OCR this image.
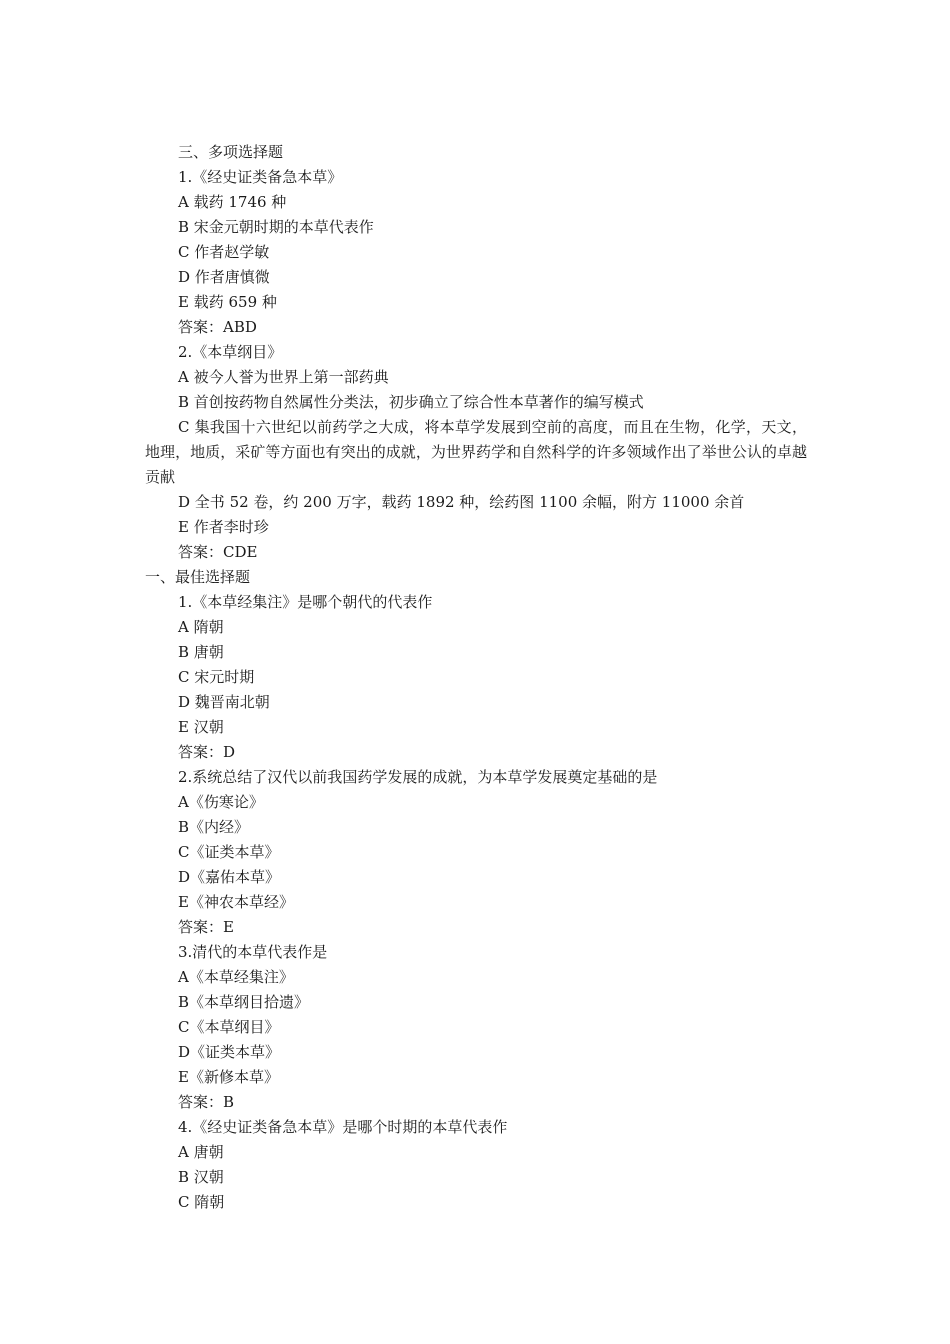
三、多项选择题
1.《经史证类备急本草》
A 载药 1746 种
B 宋金元朝时期的本草代表作
C 作者赵学敏
D 作者唐慎微
E 载药 659 种
答案：ABD
2.《本草纲目》
A 被今人誉为世界上第一部药典
B 首创按药物自然属性分类法，初步确立了综合性本草著作的编写模式
C 集我国十六世纪以前药学之大成，将本草学发展到空前的高度，而且在生物，化学，天文，地理，地质，采矿等方面也有突出的成就，为世界药学和自然科学的许多领域作出了举世公认的卓越贡献
D 全书 52 卷，约 200 万字，载药 1892 种，绘药图 1100 余幅，附方 11000 余首
E 作者李时珍
答案：CDE
一、最佳选择题
1.《本草经集注》是哪个朝代的代表作
A 隋朝
B 唐朝
C 宋元时期
D 魏晋南北朝
E 汉朝
答案：D
2.系统总结了汉代以前我国药学发展的成就，为本草学发展奠定基础的是
A《伤寒论》
B《内经》
C《证类本草》
D《嘉佑本草》
E《神农本草经》
答案：E
3.清代的本草代表作是
A《本草经集注》
B《本草纲目拾遗》
C《本草纲目》
D《证类本草》
E《新修本草》
答案：B
4.《经史证类备急本草》是哪个时期的本草代表作
A 唐朝
B 汉朝
C 隋朝
